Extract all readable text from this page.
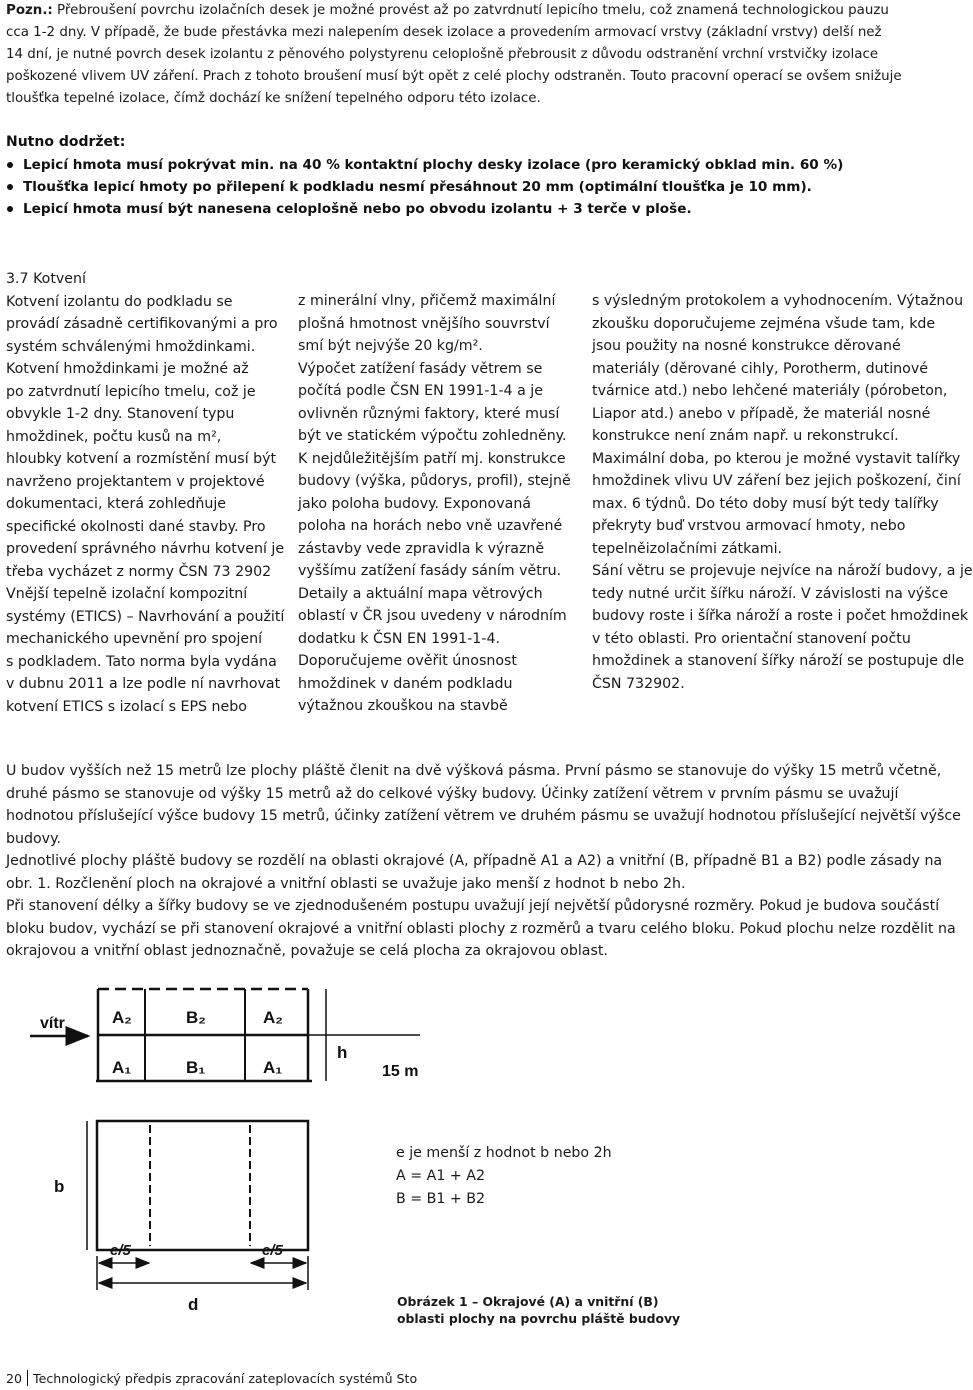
Pozn.: Přebroušení povrchu izolačních desek je možné provést až po zatvrdnutí lepicího tmelu, což znamená technologickou pauzu
cca 1-2 dny. V případě, že bude přestávka mezi nalepením desek izolace a provedením armovací vrstvy (základní vrstvy) delší než
14 dní, je nutné povrch desek izolantu z pěnového polystyrenu celoplošně přebrousit z důvodu odstranění vrchní vrstvičky izolace
poškozené vlivem UV záření. Prach z tohoto broušení musí být opět z celé plochy odstraněn. Touto pracovní operací se ovšem snižuje
tloušťka tepelné izolace, čímž dochází ke snížení tepelného odporu této izolace.
Nutno dodržet:
Lepicí hmota musí pokrývat min. na 40 % kontaktní plochy desky izolace (pro keramický obklad min. 60 %)
Tloušťka lepicí hmoty po přilepení k podkladu nesmí přesáhnout 20 mm (optimální tloušťka je 10 mm).
Lepicí hmota musí být nanesena celoplošně nebo po obvodu izolantu + 3 terče v ploše.
3.7 Kotvení
Kotvení izolantu do podkladu se
provádí zásadně certifikovanými a pro
systém schválenými hmoždinkami.
Kotvení hmoždinkami je možné až
po zatvrdnutí lepicího tmelu, což je
obvykle 1-2 dny. Stanovení typu
hmoždinek, počtu kusů na m²,
hloubky kotvení a rozmístění musí být
navrženo projektantem v projektové
dokumentaci, která zohledňuje
specifické okolnosti dané stavby. Pro
provedení správného návrhu kotvení je
třeba vycházet z normy ČSN 73 2902
Vnější tepelně izolační kompozitní
systémy (ETICS) – Navrhování a použití
mechanického upevnění pro spojení
s podkladem. Tato norma byla vydána
v dubnu 2011 a lze podle ní navrhovat
kotvení ETICS s izolací s EPS nebo
z minerální vlny, přičemž maximální
plošná hmotnost vnějšího souvrství
smí být nejvýše 20 kg/m².
Výpočet zatížení fasády větrem se
počítá podle ČSN EN 1991-1-4 a je
ovlivněn různými faktory, které musí
být ve statickém výpočtu zohledněny.
K nejdůležitějším patří mj. konstrukce
budovy (výška, půdorys, profil), stejně
jako poloha budovy. Exponovaná
poloha na horách nebo vně uzavřené
zástavby vede zpravidla k výrazně
vyššímu zatížení fasády sáním větru.
Detaily a aktuální mapa větrových
oblastí v ČR jsou uvedeny v národním
dodatku k ČSN EN 1991-1-4.
Doporučujeme ověřit únosnost
hmoždinek v daném podkladu
výtažnou zkouškou na stavbě
s výsledným protokolem a vyhodnocením. Výtažnou
zkoušku doporučujeme zejména všude tam, kde
jsou použity na nosné konstrukce děrované
materiály (děrované cihly, Porotherm, dutinové
tvárnice atd.) nebo lehčené materiály (pórobeton,
Liapor atd.) anebo v případě, že materiál nosné
konstrukce není znám např. u rekonstrukcí.
Maximální doba, po kterou je možné vystavit talířky
hmoždinek vlivu UV záření bez jejich poškození, činí
max. 6 týdnů. Do této doby musí být tedy talířky
překryty buď vrstvou armovací hmoty, nebo
tepelněizolačními zátkami.
Sání větru se projevuje nejvíce na nároží budovy, a je
tedy nutné určit šířku nároží. V závislosti na výšce
budovy roste i šířka nároží a roste i počet hmoždinek
v této oblasti. Pro orientační stanovení počtu
hmoždinek a stanovení šířky nároží se postupuje dle
ČSN 732902.
U budov vyšších než 15 metrů lze plochy pláště členit na dvě výšková pásma. První pásmo se stanovuje do výšky 15 metrů včetně,
druhé pásmo se stanovuje od výšky 15 metrů až do celkové výšky budovy. Účinky zatížení větrem v prvním pásmu se uvažují
hodnotou příslušející výšce budovy 15 metrů, účinky zatížení větrem ve druhém pásmu se uvažují hodnotou příslušející největší výšce
budovy.
Jednotlivé plochy pláště budovy se rozdělí na oblasti okrajové (A, případně A1 a A2) a vnitřní (B, případně B1 a B2) podle zásady na
obr. 1. Rozčlenění ploch na okrajové a vnitřní oblasti se uvažuje jako menší z hodnot b nebo 2h.
Při stanovení délky a šířky budovy se ve zjednodušeném postupu uvažují její největší půdorysné rozměry. Pokud je budova součástí
bloku budov, vychází se při stanovení okrajové a vnitřní oblasti plochy z rozměrů a tvaru celého bloku. Pokud plochu nelze rozdělit na
okrajovou a vnitřní oblast jednoznačně, považuje se celá plocha za okrajovou oblast.
vítr	A₂	B₂	A₂
A₁	B₁	A₁
h
15 m
b
e/5	e/5
d
e je menší z hodnot b nebo 2h
A = A1 + A2
B = B1 + B2
Obrázek 1 – Okrajové (A) a vnitřní (B)
oblasti plochy na povrchu pláště budovy
20 Technologický předpis zpracování zateplovacích systémů Sto
